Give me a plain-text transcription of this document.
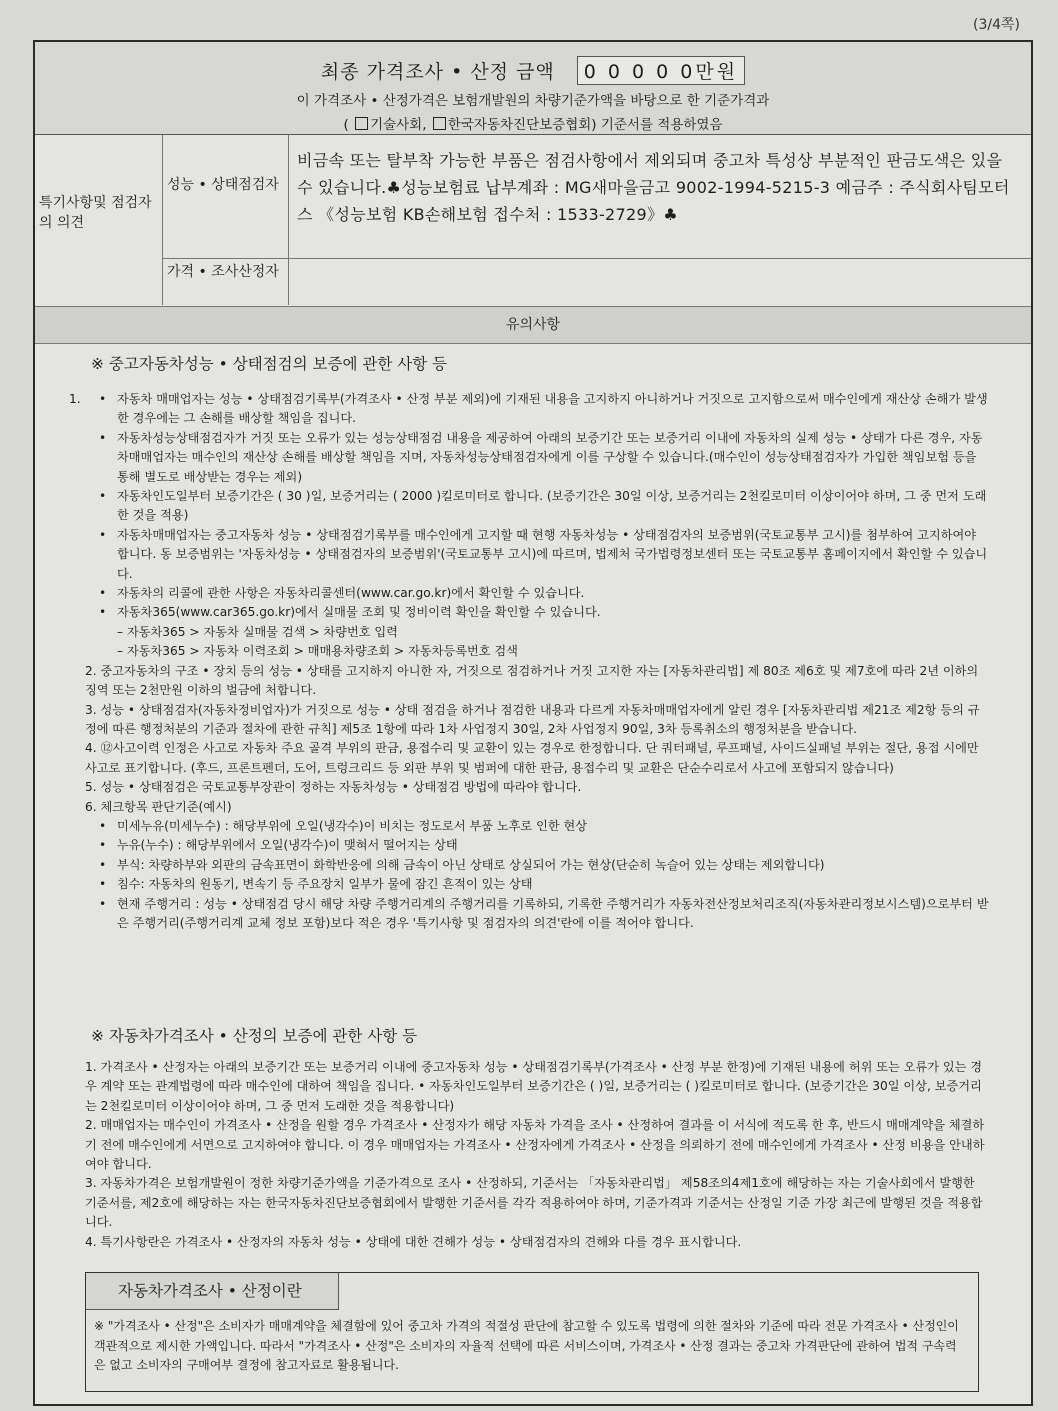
(3/4쪽)
최종 가격조사 • 산정 금액 0 0 0 0 0만원
이 가격조사 • 산정가격은 보험개발원의 차량기준가액을 바탕으로 한 기준가격과
( 기술사회, 한국자동차진단보증협회) 기준서를 적용하였음
특기사항및 점검자의 의견
성능 • 상태점검자
비금속 또는 탈부착 가능한 부품은 점검사항에서 제외되며 중고차 특성상 부분적인 판금도색은 있을 수 있습니다.♣성능보험료 납부계좌 : MG새마을금고 9002-1994-5215-3 예금주 : 주식회사팀모터스 《성능보험 KB손해보험 접수처 : 1533-2729》♣
가격 • 조사산정자
유의사항
※ 중고자동차성능 • 상태점검의 보증에 관한 사항 등
1.
•	자동차 매매업자는 성능 • 상태점검기록부(가격조사 • 산정 부분 제외)에 기재된 내용을 고지하지 아니하거나 거짓으로 고지함으로써 매수인에게 재산상 손해가 발생한 경우에는 그 손해를 배상할 책임을 집니다.
• 자동차성능상태점검자가 거짓 또는 오류가 있는 성능상태점검 내용을 제공하여 아래의 보증기간 또는 보증거리 이내에 자동차의 실제 성능 • 상태가 다른 경우, 자동차매매업자는 매수인의 재산상 손해를 배상할 책임을 지며, 자동차성능상태점검자에게 이를 구상할 수 있습니다.(매수인이 성능상태점검자가 가입한 책임보험 등을 통해 별도로 배상받는 경우는 제외)
• 자동차인도일부터 보증기간은 ( 30 )일, 보증거리는 ( 2000 )킬로미터로 합니다. (보증기간은 30일 이상, 보증거리는 2천킬로미터 이상이어야 하며, 그 중 먼저 도래한 것을 적용)
• 자동차매매업자는 중고자동차 성능 • 상태점검기록부를 매수인에게 고지할 때 현행 자동차성능 • 상태점검자의 보증범위(국토교통부 고시)를 첨부하여 고지하여야 합니다. 동 보증범위는 '자동차성능 • 상태점검자의 보증범위'(국토교통부 고시)에 따르며, 법제처 국가법령정보센터 또는 국토교통부 홈페이지에서 확인할 수 있습니다.
• 자동차의 리콜에 관한 사항은 자동차리콜센터(www.car.go.kr)에서 확인할 수 있습니다.
• 자동차365(www.car365.go.kr)에서 실매물 조회 및 정비이력 확인을 확인할 수 있습니다.
– 자동차365 > 자동차 실매물 검색 > 차량번호 입력
– 자동차365 > 자동차 이력조회 > 매매용차량조회 > 자동차등록번호 검색
2. 중고자동차의 구조 • 장치 등의 성능 • 상태를 고지하지 아니한 자, 거짓으로 점검하거나 거짓 고지한 자는 [자동차관리법] 제 80조 제6호 및 제7호에 따라 2년 이하의 징역 또는 2천만원 이하의 벌금에 처합니다.
3. 성능 • 상태점검자(자동차정비업자)가 거짓으로 성능 • 상태 점검을 하거나 점검한 내용과 다르게 자동차매매업자에게 알린 경우 [자동차관리법 제21조 제2항 등의 규정에 따른 행정처분의 기준과 절차에 관한 규칙] 제5조 1항에 따라 1차 사업정지 30일, 2차 사업정지 90일, 3차 등록취소의 행정처분을 받습니다.
4. ⑫사고이력 인정은 사고로 자동차 주요 골격 부위의 판금, 용접수리 및 교환이 있는 경우로 한정합니다. 단 쿼터패널, 루프패널, 사이드실패널 부위는 절단, 용접 시에만 사고로 표기합니다. (후드, 프론트펜더, 도어, 트렁크리드 등 외판 부위 및 범퍼에 대한 판금, 용접수리 및 교환은 단순수리로서 사고에 포함되지 않습니다)
5. 성능 • 상태점검은 국토교통부장관이 정하는 자동차성능 • 상태점검 방법에 따라야 합니다.
6. 체크항목 판단기준(예시)
• 미세누유(미세누수) : 해당부위에 오일(냉각수)이 비치는 정도로서 부품 노후로 인한 현상
• 누유(누수) : 해당부위에서 오일(냉각수)이 맺혀서 떨어지는 상태
• 부식: 차량하부와 외판의 금속표면이 화학반응에 의해 금속이 아닌 상태로 상실되어 가는 현상(단순히 녹슬어 있는 상태는 제외합니다)
• 침수: 자동차의 원동기, 변속기 등 주요장치 일부가 물에 잠긴 흔적이 있는 상태
• 현재 주행거리 : 성능 • 상태점검 당시 해당 차량 주행거리계의 주행거리를 기록하되, 기록한 주행거리가 자동차전산정보처리조직(자동차관리정보시스템)으로부터 받은 주행거리(주행거리계 교체 정보 포함)보다 적은 경우 '특기사항 및 점검자의 의견'란에 이를 적어야 합니다.
※ 자동차가격조사 • 산정의 보증에 관한 사항 등
1. 가격조사 • 산정자는 아래의 보증기간 또는 보증거리 이내에 중고자동차 성능 • 상태점검기록부(가격조사 • 산정 부분 한정)에 기재된 내용에 허위 또는 오류가 있는 경우 계약 또는 관계법령에 따라 매수인에 대하여 책임을 집니다. • 자동차인도일부터 보증기간은 ( )일, 보증거리는 ( )킬로미터로 합니다. (보증기간은 30일 이상, 보증거리는 2천킬로미터 이상이어야 하며, 그 중 먼저 도래한 것을 적용합니다)
2. 매매업자는 매수인이 가격조사 • 산정을 원할 경우 가격조사 • 산정자가 해당 자동차 가격을 조사 • 산정하여 결과를 이 서식에 적도록 한 후, 반드시 매매계약을 체결하기 전에 매수인에게 서면으로 고지하여야 합니다. 이 경우 매매업자는 가격조사 • 산정자에게 가격조사 • 산정을 의뢰하기 전에 매수인에게 가격조사 • 산정 비용을 안내하여야 합니다.
3. 자동차가격은 보험개발원이 정한 차량기준가액을 기준가격으로 조사 • 산정하되, 기준서는 「자동차관리법」 제58조의4제1호에 해당하는 자는 기술사회에서 발행한 기준서를, 제2호에 해당하는 자는 한국자동차진단보증협회에서 발행한 기준서를 각각 적용하여야 하며, 기준가격과 기준서는 산정일 기준 가장 최근에 발행된 것을 적용합니다.
4. 특기사항란은 가격조사 • 산정자의 자동차 성능 • 상태에 대한 견해가 성능 • 상태점검자의 견해와 다를 경우 표시합니다.
자동차가격조사 • 산정이란
※ "가격조사 • 산정"은 소비자가 매매계약을 체결함에 있어 중고차 가격의 적절성 판단에 참고할 수 있도록 법령에 의한 절차와 기준에 따라 전문 가격조사 • 산정인이 객관적으로 제시한 가액입니다. 따라서 "가격조사 • 산정"은 소비자의 자율적 선택에 따른 서비스이며, 가격조사 • 산정 결과는 중고차 가격판단에 관하여 법적 구속력은 없고 소비자의 구매여부 결정에 참고자료로 활용됩니다.
